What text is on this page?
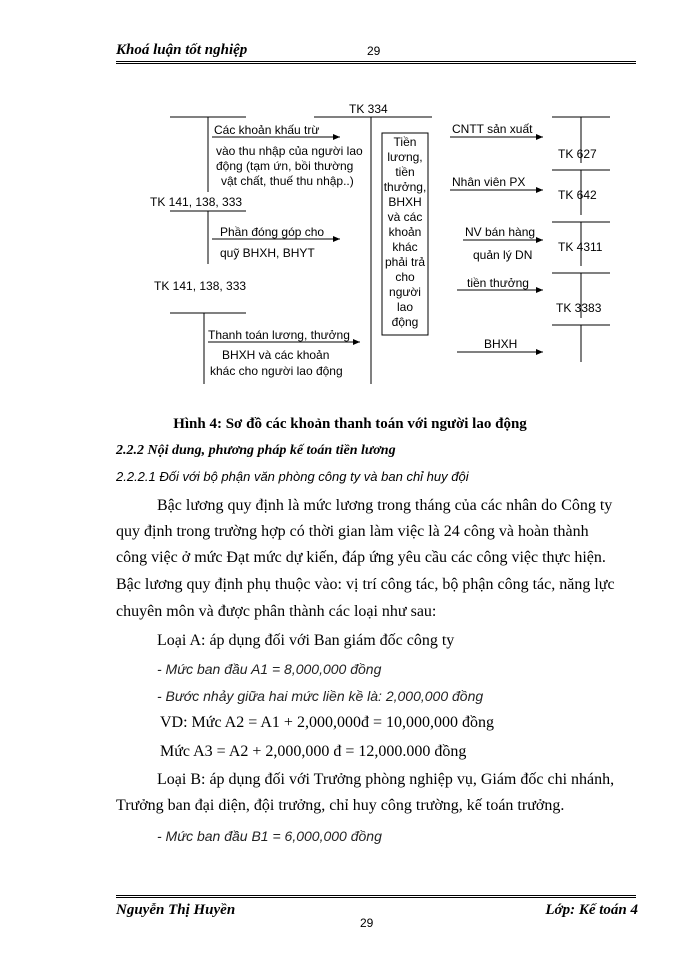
Khoá luận tốt nghiệp	29
TK 334
Tiền
lương,
tiền
thưởng,
BHXH
và các
khoản
khác
phải trả
cho
người
lao
động
Các khoản khấu trừ
vào thu nhập của người lao
động (tạm ứn, bồi thường
vật chất, thuế thu nhập..)
TK 141, 138, 333
Phần đóng góp cho
quỹ BHXH, BHYT
TK 141, 138, 333
Thanh toán lương, thưởng
BHXH và các khoản
khác cho người lao động
CNTT sản xuất
Nhân viên PX
NV bán hàng
quản lý DN
tiền thưởng
BHXH
TK 627
TK 642
TK 4311
TK 3383
Hình 4: Sơ đồ các khoản thanh toán với người lao động
2.2.2 Nội dung, phương pháp kế toán tiền lương
2.2.2.1 Đối với bộ phận văn phòng công ty và ban chỉ huy đội
Bậc lương quy định là mức lương trong tháng của các nhân do Công ty
quy định trong trường hợp có thời gian làm việc là 24 công và hoàn thành
công việc ở mức Đạt mức dự kiến, đáp ứng yêu cầu các công việc thực hiện.
Bậc lương quy định phụ thuộc vào: vị trí công tác, bộ phận công tác, năng lực
chuyên môn và được phân thành các loại như sau:
Loại A: áp dụng đối với Ban giám đốc công ty
- Mức ban đầu A1 = 8,000,000 đồng
- Bước nhảy giữa hai mức liền kề là: 2,000,000 đồng
VD: Mức A2 = A1 + 2,000,000đ = 10,000,000 đồng
Mức A3 = A2 + 2,000,000 đ = 12,000.000 đồng
Loại B: áp dụng đối với Trưởng phòng nghiệp vụ, Giám đốc chi nhánh,
Trưởng ban đại diện, đội trưởng, chỉ huy công trường, kế toán trưởng.
- Mức ban đầu B1 = 6,000,000 đồng
Nguyễn Thị Huyền	Lớp: Kế toán 4
29
